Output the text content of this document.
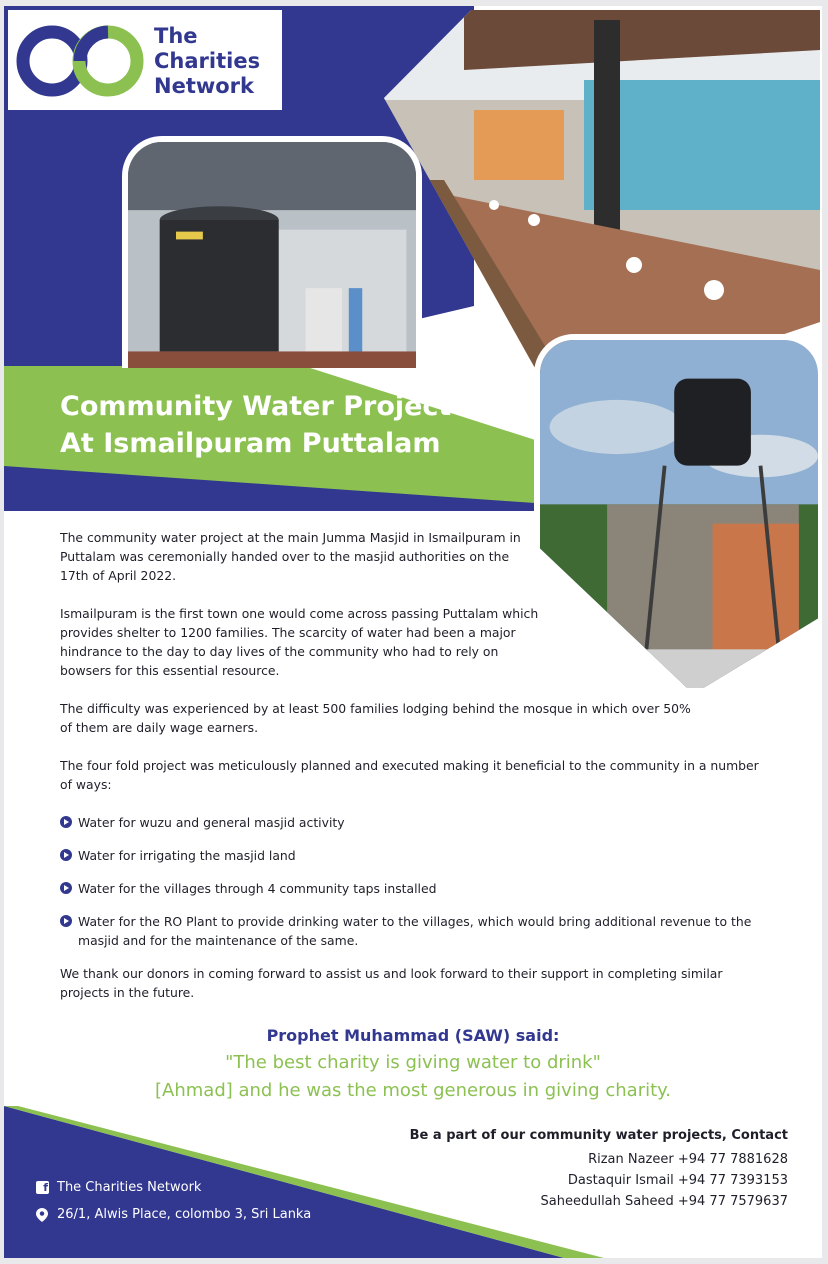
The
Charities
Network
Community Water Project
At Ismailpuram Puttalam

The community water project at the main Jumma Masjid in Ismailpuram in Puttalam was ceremonially handed over to the masjid authorities on the 17th of April 2022.

Ismailpuram is the first town one would come across passing Puttalam which provides shelter to 1200 families. The scarcity of water had been a major hindrance to the day to day lives of the community who had to rely on bowsers for this essential resource.

The difficulty was experienced by at least 500 families lodging behind the mosque in which over 50% of them are daily wage earners.

The four fold project was meticulously planned and executed making it beneficial to the community in a number of ways:

Water for wuzu and general masjid activity
Water for irrigating the masjid land
Water for the villages through 4 community taps installed
Water for the RO Plant to provide drinking water to the villages, which would bring additional revenue to the masjid and for the maintenance of the same.

We thank our donors in coming forward to assist us and look forward to their support in completing similar projects in the future.

Prophet Muhammad (SAW) said:
"The best charity is giving water to drink"
[Ahmad] and he was the most generous in giving charity.
Be a part of our community water projects, Contact
Rizan Nazeer +94 77 7881628
Dastaquir Ismail +94 77 7393153
Saheedullah Saheed +94 77 7579637
f The Charities Network
26/1, Alwis Place, colombo 3, Sri Lanka
